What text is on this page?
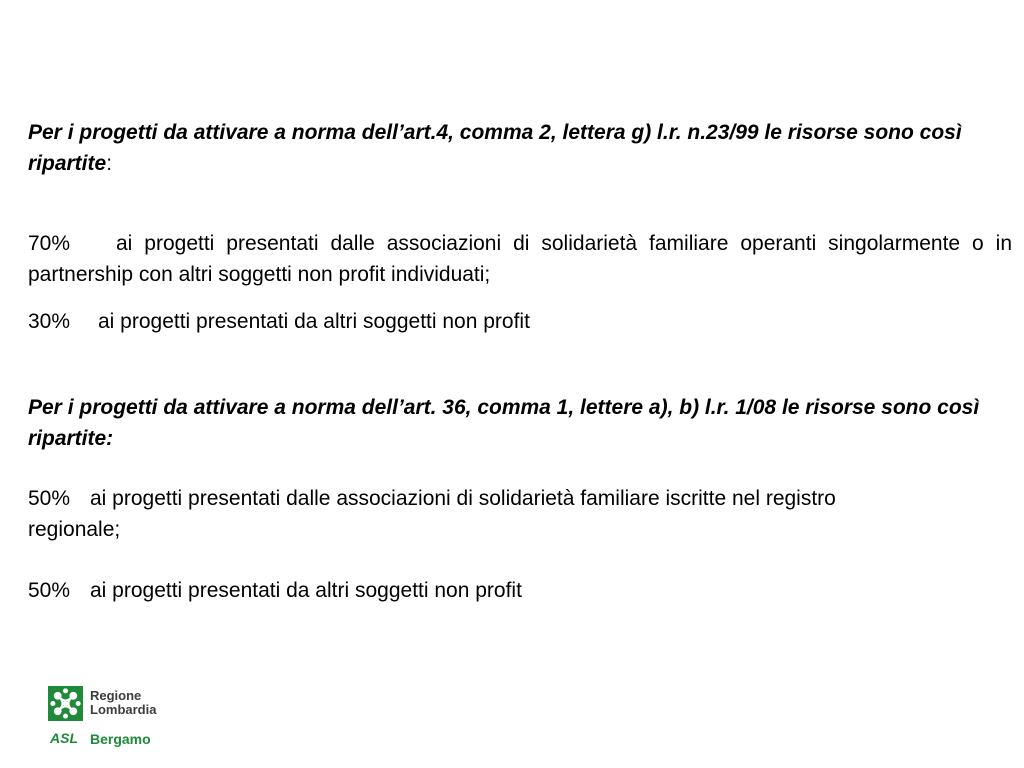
Per i progetti da attivare a norma dell’art.4, comma 2, lettera g) l.r. n.23/99 le risorse sono così ripartite:
70% ai progetti presentati dalle associazioni di solidarietà familiare operanti singolarmente o in partnership con altri soggetti non profit individuati;
30% ai progetti presentati da altri soggetti non profit
Per i progetti da attivare a norma dell’art. 36, comma 1, lettere a), b) l.r. 1/08 le risorse sono così ripartite:
50% ai progetti presentati dalle associazioni di solidarietà familiare iscritte nel registro regionale;
50% ai progetti presentati da altri soggetti non profit
Regione
Lombardia
ASL Bergamo
